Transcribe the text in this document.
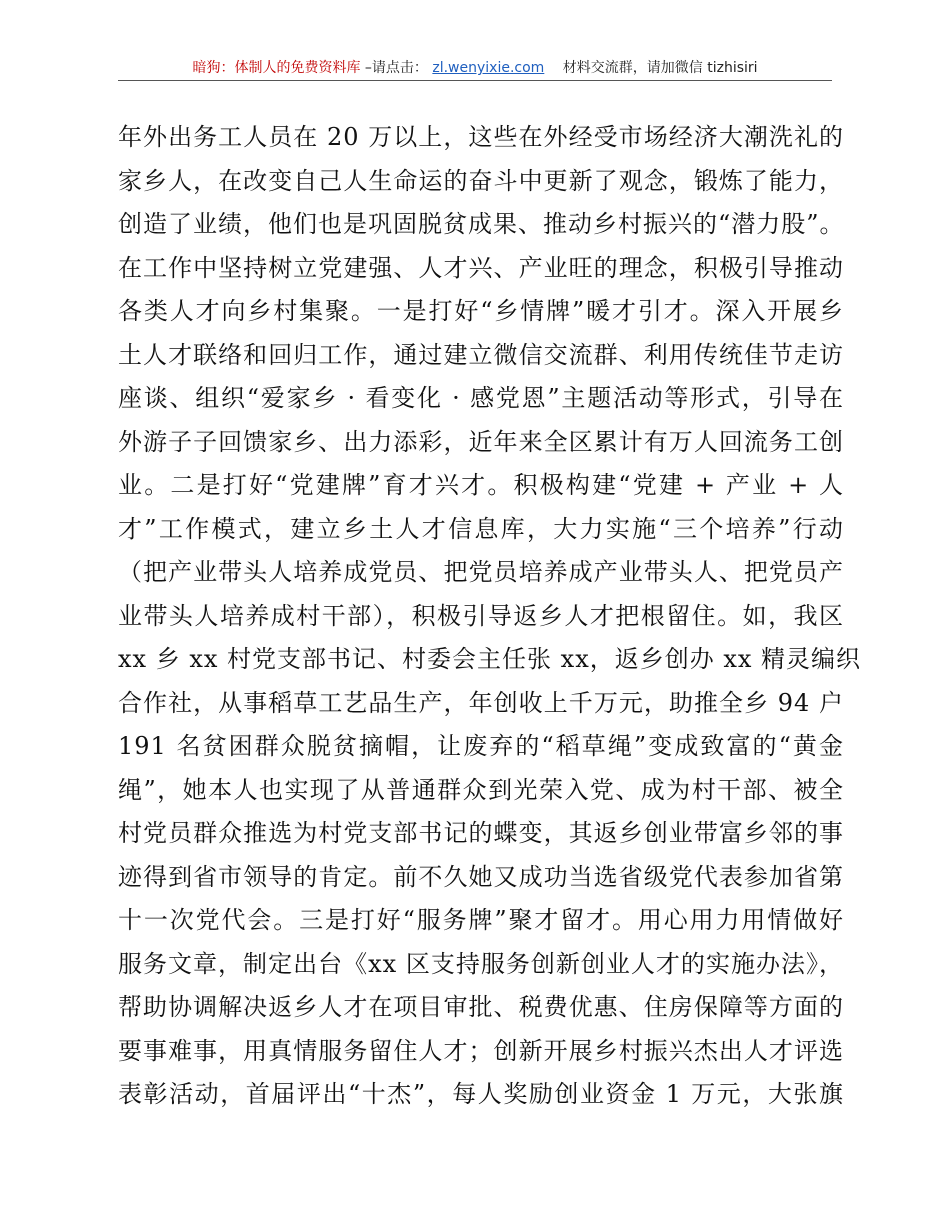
暗狗：体制人的免费资料库 –请点击： zl.wenyixie.com 材料交流群，请加微信 tizhisiri
年外出务工人员在 20 万以上，这些在外经受市场经济大潮洗礼的
家乡人，在改变自己人生命运的奋斗中更新了观念，锻炼了能力，
创造了业绩，他们也是巩固脱贫成果、推动乡村振兴的“潜力股”。
在工作中坚持树立党建强、人才兴、产业旺的理念，积极引导推动
各类人才向乡村集聚。一是打好“乡情牌”暖才引才。深入开展乡
土人才联络和回归工作，通过建立微信交流群、利用传统佳节走访
座谈、组织“爱家乡 · 看变化 · 感党恩”主题活动等形式，引导在
外游子子回馈家乡、出力添彩，近年来全区累计有万人回流务工创
业。二是打好“党建牌”育才兴才。积极构建“党建 + 产业 + 人
才”工作模式，建立乡土人才信息库，大力实施“三个培养”行动
（把产业带头人培养成党员、把党员培养成产业带头人、把党员产
业带头人培养成村干部），积极引导返乡人才把根留住。如，我区
xx 乡 xx 村党支部书记、村委会主任张 xx，返乡创办 xx 精灵编织
合作社，从事稻草工艺品生产，年创收上千万元，助推全乡 94 户
191 名贫困群众脱贫摘帽，让废弃的“稻草绳”变成致富的“黄金
绳”，她本人也实现了从普通群众到光荣入党、成为村干部、被全
村党员群众推选为村党支部书记的蝶变，其返乡创业带富乡邻的事
迹得到省市领导的肯定。前不久她又成功当选省级党代表参加省第
十一次党代会。三是打好“服务牌”聚才留才。用心用力用情做好
服务文章，制定出台《xx 区支持服务创新创业人才的实施办法》，
帮助协调解决返乡人才在项目审批、税费优惠、住房保障等方面的
要事难事，用真情服务留住人才；创新开展乡村振兴杰出人才评选
表彰活动，首届评出“十杰”，每人奖励创业资金 1 万元，大张旗
